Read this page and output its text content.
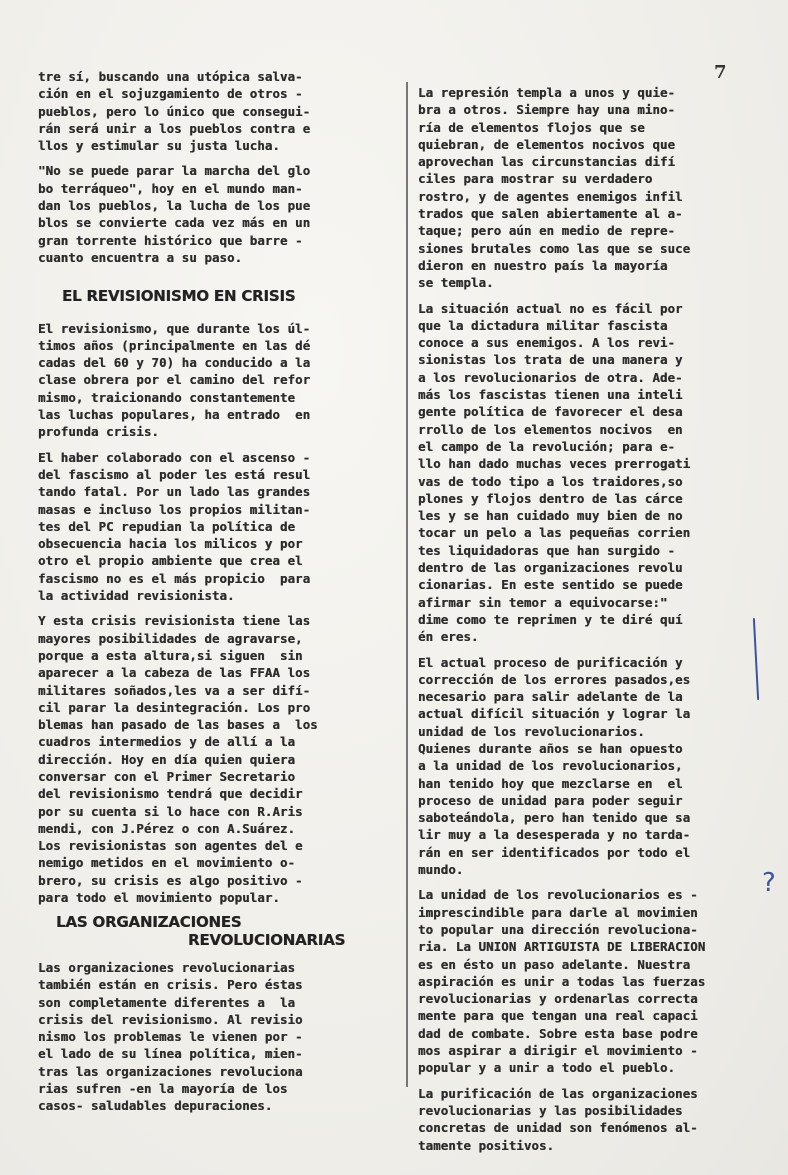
7
tre sí, buscando una utópica salva-
ción en el sojuzgamiento de otros -
pueblos, pero lo único que consegui-
rán será unir a los pueblos contra e
llos y estimular su justa lucha.
"No se puede parar la marcha del glo
bo terráqueo", hoy en el mundo man-
dan los pueblos, la lucha de los pue
blos se convierte cada vez más en un
gran torrente histórico que barre -
cuanto encuentra a su paso.
EL REVISIONISMO EN CRISIS
El revisionismo, que durante los úl-
timos años (principalmente en las dé
cadas del 60 y 70) ha conducido a la
clase obrera por el camino del refor
mismo, traicionando constantemente
las luchas populares, ha entrado  en
profunda crisis.
El haber colaborado con el ascenso -
del fascismo al poder les está resul
tando fatal. Por un lado las grandes
masas e incluso los propios militan-
tes del PC repudian la política de
obsecuencia hacia los milicos y por
otro el propio ambiente que crea el
fascismo no es el más propicio  para
la actividad revisionista.
Y esta crisis revisionista tiene las
mayores posibilidades de agravarse,
porque a esta altura,si siguen  sin
aparecer a la cabeza de las FFAA los
militares soñados,les va a ser difí-
cil parar la desintegración. Los pro
blemas han pasado de las bases a  los
cuadros intermedios y de allí a la
dirección. Hoy en día quien quiera
conversar con el Primer Secretario
del revisionismo tendrá que decidir
por su cuenta si lo hace con R.Aris
mendi, con J.Pérez o con A.Suárez.
Los revisionistas son agentes del e
nemigo metidos en el movimiento o-
brero, su crisis es algo positivo -
para todo el movimiento popular.
LAS ORGANIZACIONES
REVOLUCIONARIAS
Las organizaciones revolucionarias
también están en crisis. Pero éstas
son completamente diferentes a  la
crisis del revisionismo. Al revisio
nismo los problemas le vienen por -
el lado de su línea política, mien-
tras las organizaciones revoluciona
rias sufren -en la mayoría de los
casos- saludables depuraciones.
La represión templa a unos y quie-
bra a otros. Siempre hay una mino-
ría de elementos flojos que se
quiebran, de elementos nocivos que
aprovechan las circunstancias difí
ciles para mostrar su verdadero
rostro, y de agentes enemigos infil
trados que salen abiertamente al a-
taque; pero aún en medio de repre-
siones brutales como las que se suce
dieron en nuestro país la mayoría
se templa.
La situación actual no es fácil por
que la dictadura militar fascista
conoce a sus enemigos. A los revi-
sionistas los trata de una manera y
a los revolucionarios de otra. Ade-
más los fascistas tienen una inteli
gente política de favorecer el desa
rrollo de los elementos nocivos  en
el campo de la revolución; para e-
llo han dado muchas veces prerrogati
vas de todo tipo a los traidores,so
plones y flojos dentro de las cárce
les y se han cuidado muy bien de no
tocar un pelo a las pequeñas corrien
tes liquidadoras que han surgido -
dentro de las organizaciones revolu
cionarias. En este sentido se puede
afirmar sin temor a equivocarse:"
dime como te reprimen y te diré quí
én eres.
El actual proceso de purificación y
corrección de los errores pasados,es
necesario para salir adelante de la
actual difícil situación y lograr la
unidad de los revolucionarios.
Quienes durante años se han opuesto
a la unidad de los revolucionarios,
han tenido hoy que mezclarse en  el
proceso de unidad para poder seguir
saboteándola, pero han tenido que sa
lir muy a la desesperada y no tarda-
rán en ser identificados por todo el
mundo.
La unidad de los revolucionarios es -
imprescindible para darle al movimien
to popular una dirección revoluciona-
ria. La UNION ARTIGUISTA DE LIBERACION
es en ésto un paso adelante. Nuestra
aspiración es unir a todas las fuerzas
revolucionarias y ordenarlas correcta
mente para que tengan una real capaci
dad de combate. Sobre esta base podre
mos aspirar a dirigir el movimiento -
popular y a unir a todo el pueblo.
La purificación de las organizaciones
revolucionarias y las posibilidades
concretas de unidad son fenómenos al-
tamente positivos.
?
